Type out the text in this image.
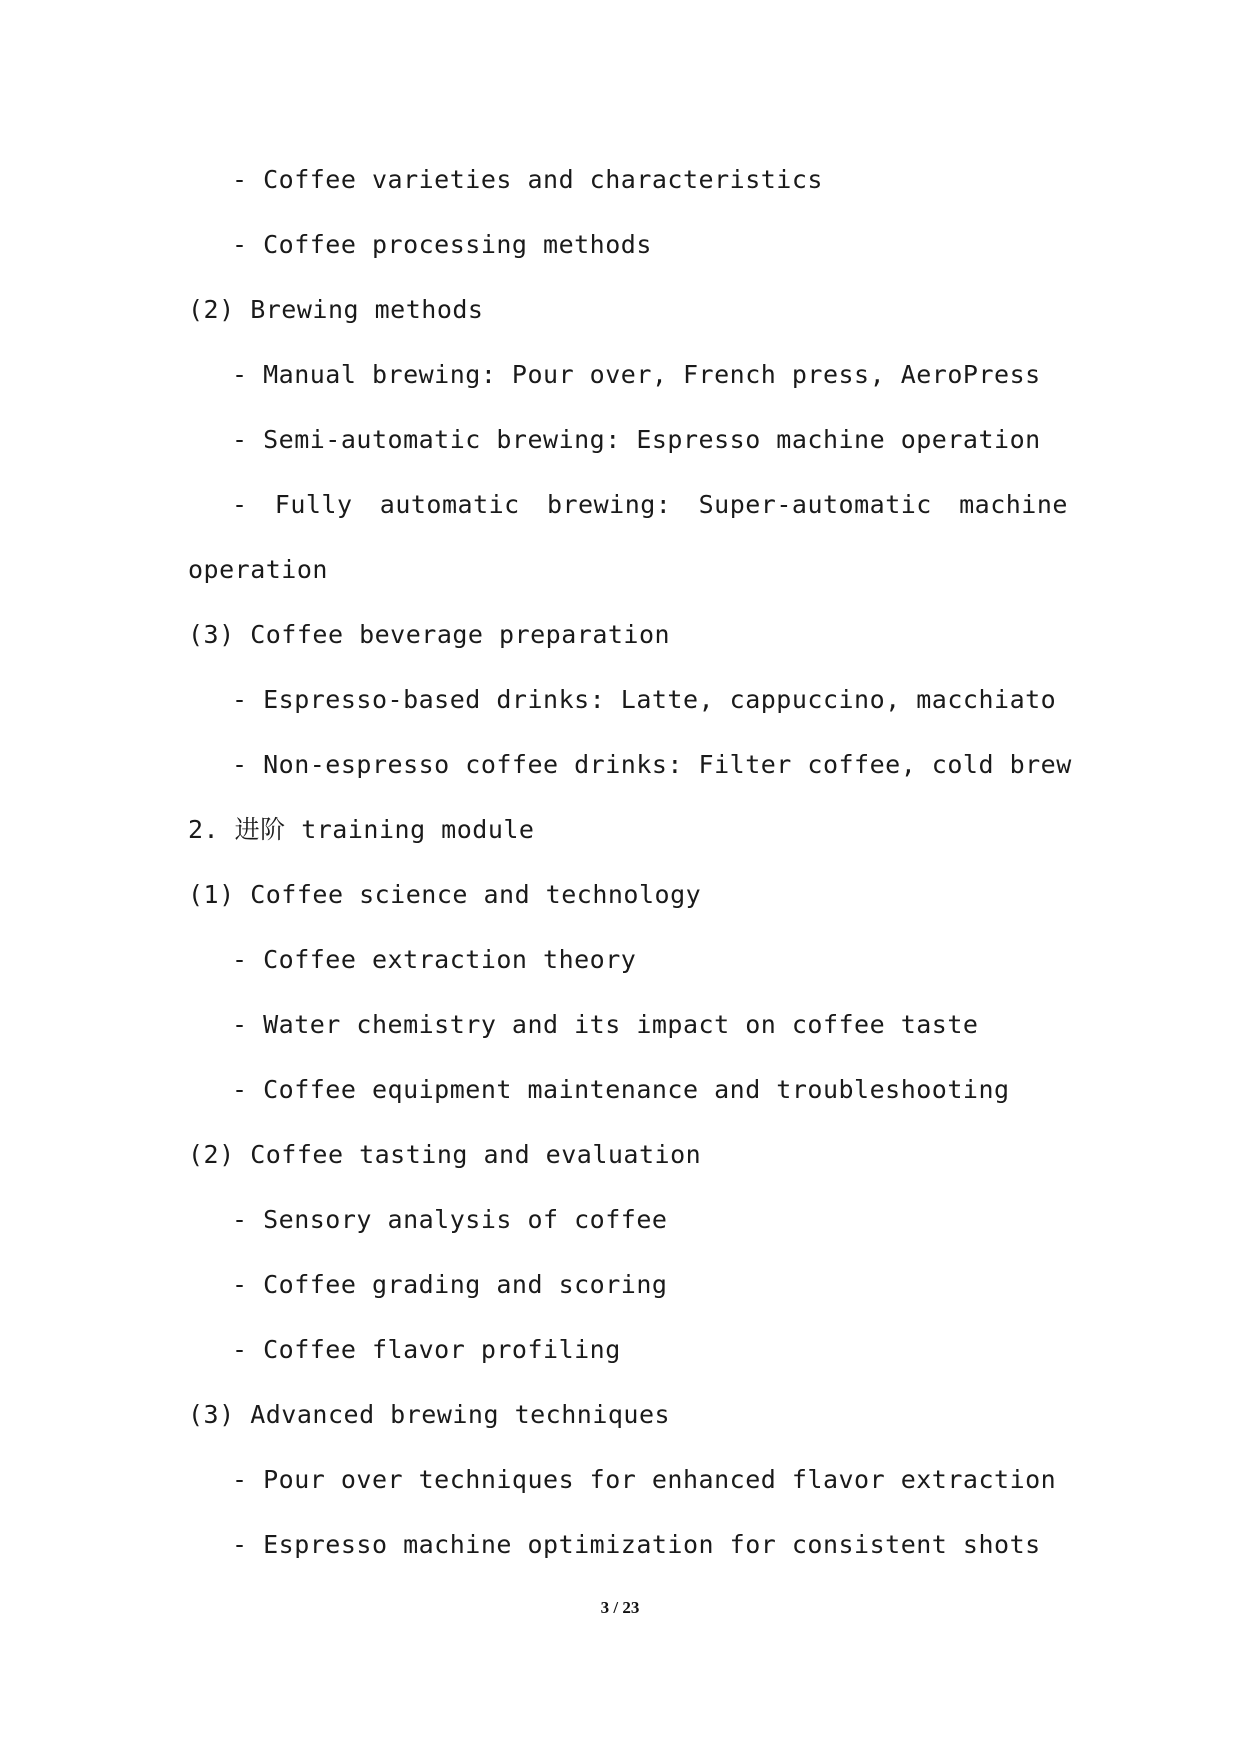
- Coffee varieties and characteristics
- Coffee processing methods
(2) Brewing methods
- Manual brewing: Pour over, French press, AeroPress
- Semi-automatic brewing: Espresso machine operation
- Fully automatic brewing: Super-automatic machine
operation
(3) Coffee beverage preparation
- Espresso-based drinks: Latte, cappuccino, macchiato
- Non-espresso coffee drinks: Filter coffee, cold brew
2. 进阶 training module
(1) Coffee science and technology
- Coffee extraction theory
- Water chemistry and its impact on coffee taste
- Coffee equipment maintenance and troubleshooting
(2) Coffee tasting and evaluation
- Sensory analysis of coffee
- Coffee grading and scoring
- Coffee flavor profiling
(3) Advanced brewing techniques
- Pour over techniques for enhanced flavor extraction
- Espresso machine optimization for consistent shots
3 / 23
